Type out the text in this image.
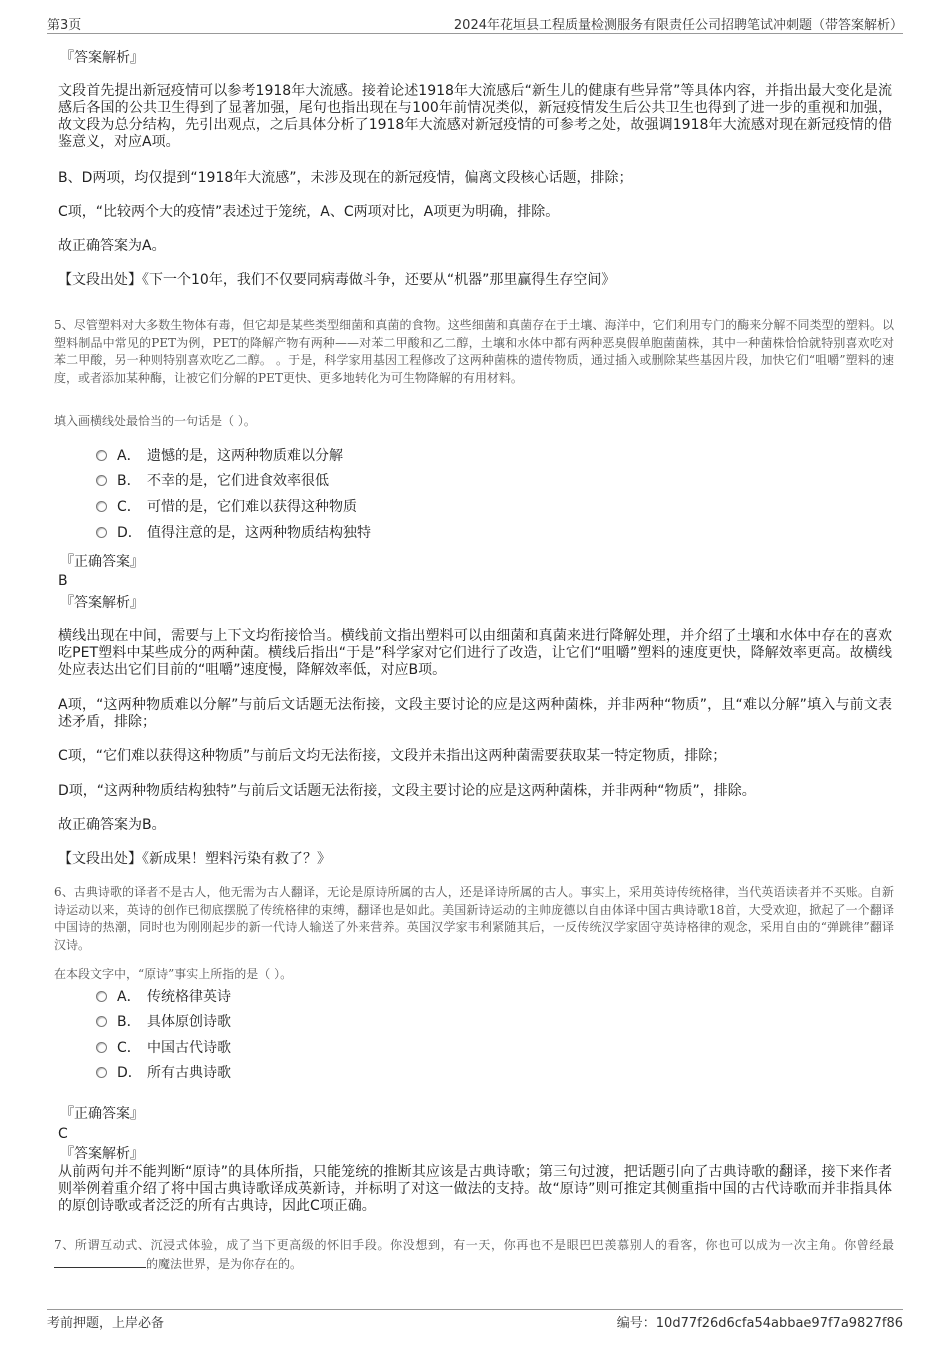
第3页	2024年花垣县工程质量检测服务有限责任公司招聘笔试冲刺题（带答案解析）
『答案解析』
文段首先提出新冠疫情可以参考1918年大流感。接着论述1918年大流感后“新生儿的健康有些异常”等具体内容，并指出最大变化是流感后各国的公共卫生得到了显著加强，尾句也指出现在与100年前情况类似，新冠疫情发生后公共卫生也得到了进一步的重视和加强，故文段为总分结构，先引出观点，之后具体分析了1918年大流感对新冠疫情的可参考之处，故强调1918年大流感对现在新冠疫情的借鉴意义，对应A项。
B、D两项，均仅提到“1918年大流感”，未涉及现在的新冠疫情，偏离文段核心话题，排除；
C项，“比较两个大的疫情”表述过于笼统，A、C两项对比，A项更为明确，排除。
故正确答案为A。
【文段出处】《下一个10年，我们不仅要同病毒做斗争，还要从“机器”那里赢得生存空间》
5、尽管塑料对大多数生物体有毒，但它却是某些类型细菌和真菌的食物。这些细菌和真菌存在于土壤、海洋中，它们利用专门的酶来分解不同类型的塑料。以塑料制品中常见的PET为例，PET的降解产物有两种——对苯二甲酸和乙二醇，土壤和水体中都有两种恶臭假单胞菌菌株，其中一种菌株恰恰就特别喜欢吃对苯二甲酸，另一种则特别喜欢吃乙二醇。 。于是，科学家用基因工程修改了这两种菌株的遗传物质，通过插入或删除某些基因片段，加快它们“咀嚼”塑料的速度，或者添加某种酶，让被它们分解的PET更快、更多地转化为可生物降解的有用材料。
填入画横线处最恰当的一句话是（ ）。
A． 遗憾的是，这两种物质难以分解
B． 不幸的是，它们进食效率很低
C． 可惜的是，它们难以获得这种物质
D． 值得注意的是，这两种物质结构独特
『正确答案』
B
『答案解析』
横线出现在中间，需要与上下文均衔接恰当。横线前文指出塑料可以由细菌和真菌来进行降解处理，并介绍了土壤和水体中存在的喜欢吃PET塑料中某些成分的两种菌。横线后指出“于是”科学家对它们进行了改造，让它们“咀嚼”塑料的速度更快，降解效率更高。故横线处应表达出它们目前的“咀嚼”速度慢，降解效率低，对应B项。
A项，“这两种物质难以分解”与前后文话题无法衔接，文段主要讨论的应是这两种菌株，并非两种“物质”，且“难以分解”填入与前文表述矛盾，排除；
C项，“它们难以获得这种物质”与前后文均无法衔接，文段并未指出这两种菌需要获取某一特定物质，排除；
D项，“这两种物质结构独特”与前后文话题无法衔接，文段主要讨论的应是这两种菌株，并非两种“物质”，排除。
故正确答案为B。
【文段出处】《新成果！塑料污染有救了？》
6、古典诗歌的译者不是古人，他无需为古人翻译，无论是原诗所属的古人，还是译诗所属的古人。事实上，采用英诗传统格律，当代英语读者并不买账。自新诗运动以来，英诗的创作已彻底摆脱了传统格律的束缚，翻译也是如此。美国新诗运动的主帅庞德以自由体译中国古典诗歌18首，大受欢迎，掀起了一个翻译中国诗的热潮，同时也为刚刚起步的新一代诗人输送了外来营养。英国汉学家韦利紧随其后，一反传统汉学家固守英诗格律的观念，采用自由的“弹跳律”翻译汉诗。
在本段文字中，“原诗”事实上所指的是（ ）。
A． 传统格律英诗
B． 具体原创诗歌
C． 中国古代诗歌
D． 所有古典诗歌
『正确答案』
C
『答案解析』
从前两句并不能判断“原诗”的具体所指，只能笼统的推断其应该是古典诗歌；第三句过渡，把话题引向了古典诗歌的翻译，接下来作者则举例着重介绍了将中国古典诗歌译成英新诗，并标明了对这一做法的支持。故“原诗”则可推定其侧重指中国的古代诗歌而并非指具体的原创诗歌或者泛泛的所有古典诗，因此C项正确。
7、所谓互动式、沉浸式体验，成了当下更高级的怀旧手段。你没想到，有一天，你再也不是眼巴巴羡慕别人的看客，你也可以成为一次主角。你曾经最的魔法世界，是为你存在的。
考前押题，上岸必备	编号：10d77f26d6cfa54abbae97f7a9827f86
